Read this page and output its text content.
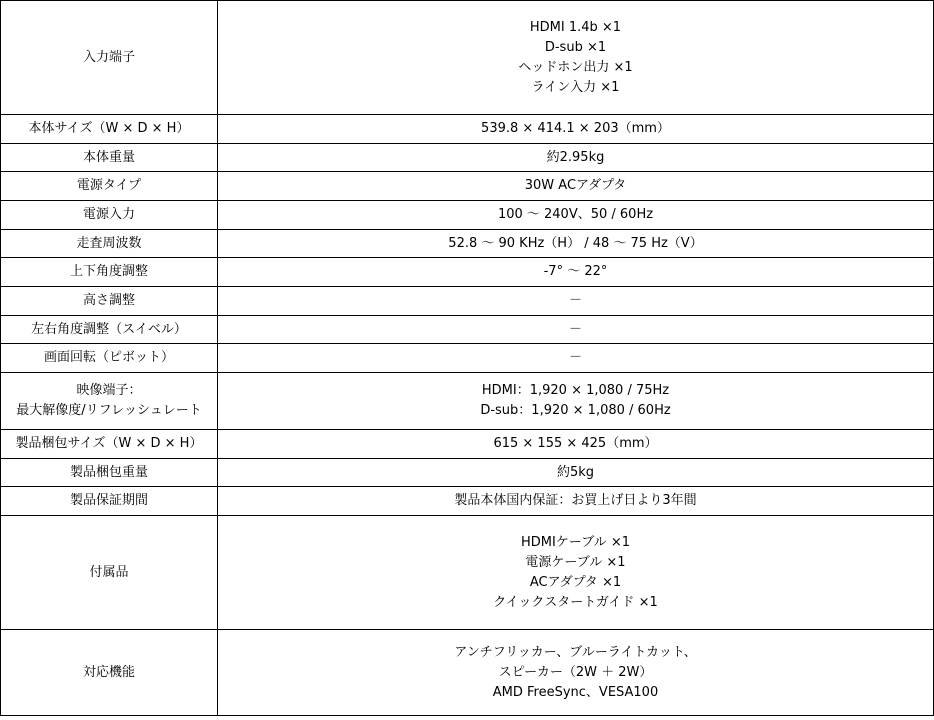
入力端子	HDMI 1.4b ×1
D-sub ×1
ヘッドホン出力 ×1
ライン入力 ×1
本体サイズ（W × D × H）	539.8 × 414.1 × 203（mm）
本体重量	約2.95kg
電源タイプ	30W ACアダプタ
電源入力	100 ～ 240V、50 / 60Hz
走査周波数	52.8 ～ 90 KHz（H） / 48 ～ 75 Hz（V）
上下角度調整	-7° ～ 22°
高さ調整	－
左右角度調整（スイベル）	－
画面回転（ピボット）	－
映像端子：
最大解像度/リフレッシュレート	HDMI：1,920 × 1,080 / 75Hz
D-sub：1,920 × 1,080 / 60Hz
製品梱包サイズ（W × D × H）	615 × 155 × 425（mm）
製品梱包重量	約5kg
製品保証期間	製品本体国内保証：お買上げ日より3年間
付属品	HDMIケーブル ×1
電源ケーブル ×1
ACアダプタ ×1
クイックスタートガイド ×1
対応機能	アンチフリッカー、ブルーライトカット、
スピーカー（2W ＋ 2W）
AMD FreeSync、VESA100
